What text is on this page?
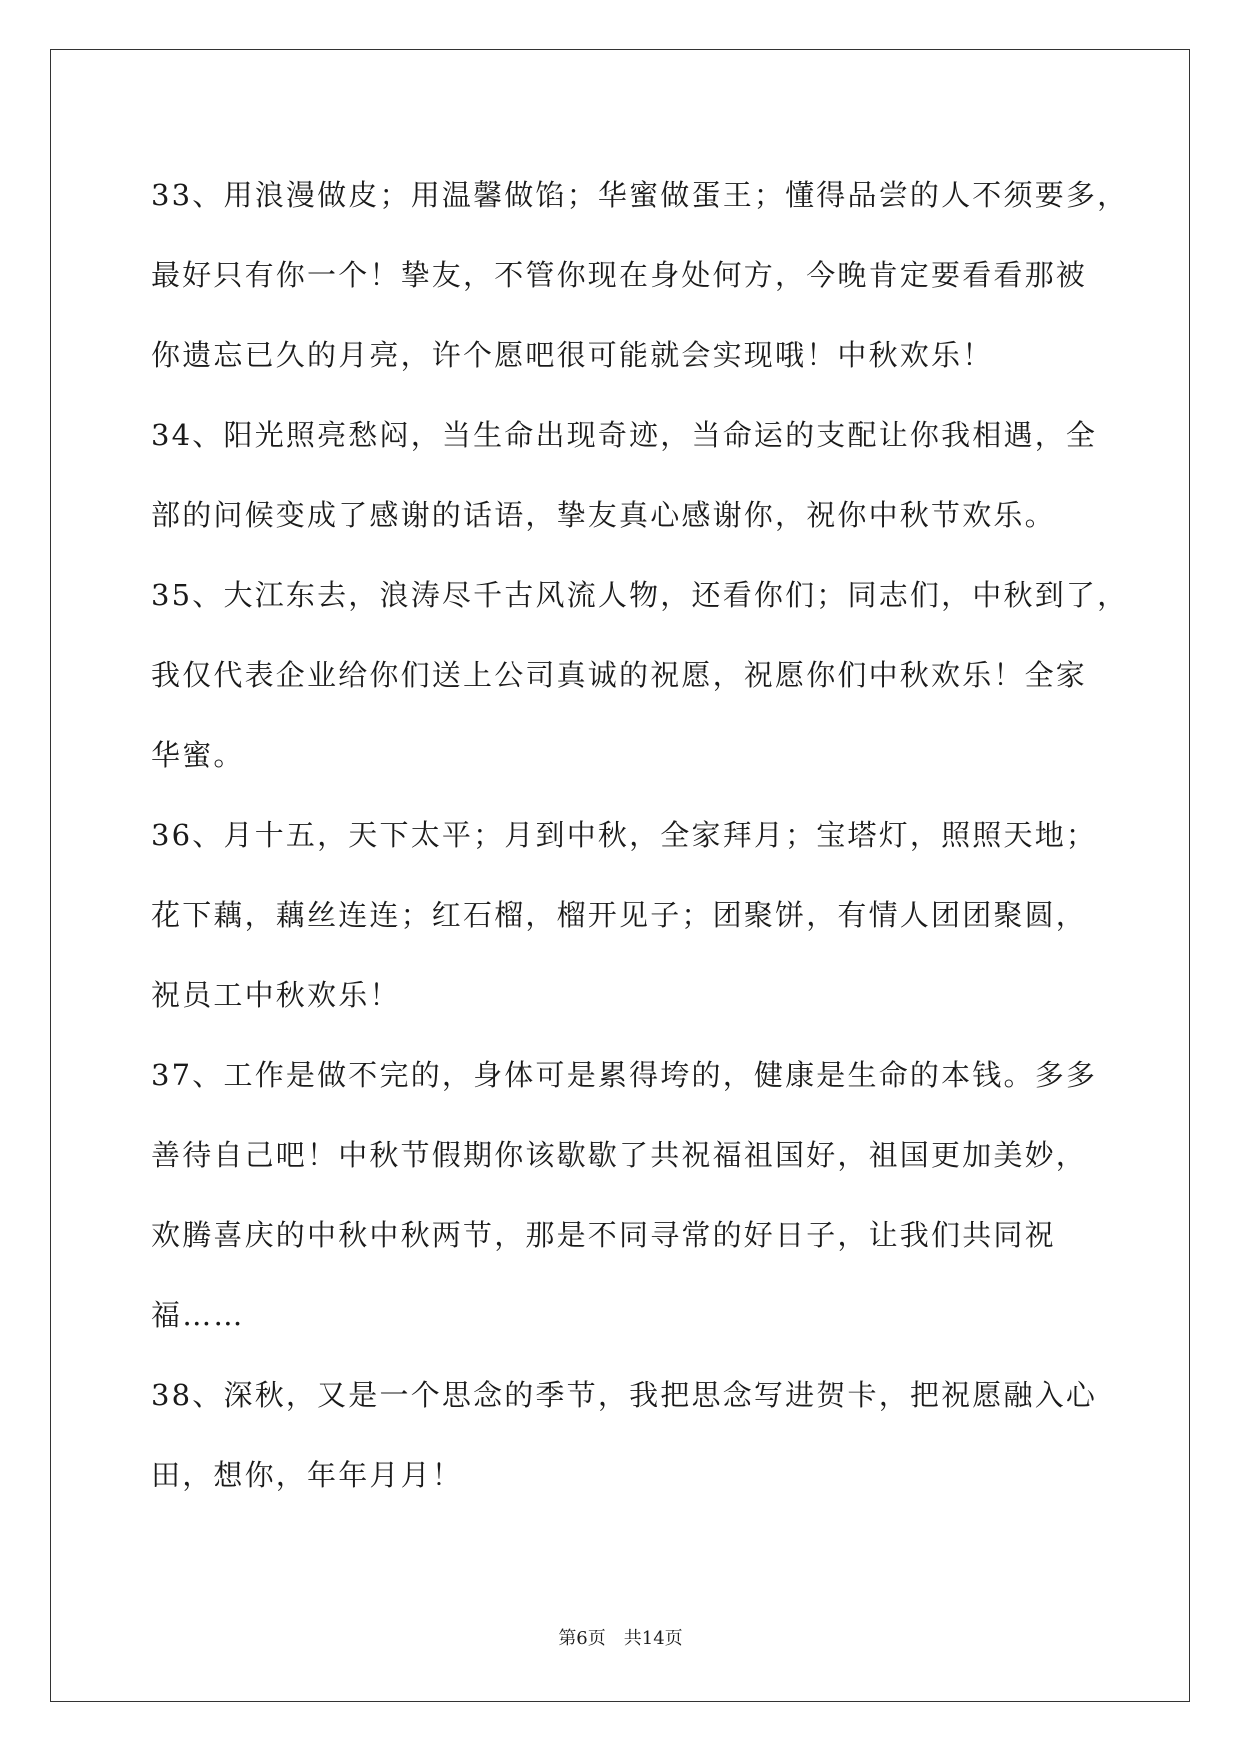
33、用浪漫做皮；用温馨做馅；华蜜做蛋王；懂得品尝的人不须要多，
最好只有你一个！挚友，不管你现在身处何方，今晚肯定要看看那被
你遗忘已久的月亮，许个愿吧很可能就会实现哦！中秋欢乐！
34、阳光照亮愁闷，当生命出现奇迹，当命运的支配让你我相遇，全
部的问候变成了感谢的话语，挚友真心感谢你，祝你中秋节欢乐。
35、大江东去，浪涛尽千古风流人物，还看你们；同志们，中秋到了，
我仅代表企业给你们送上公司真诚的祝愿，祝愿你们中秋欢乐！全家
华蜜。
36、月十五，天下太平；月到中秋，全家拜月；宝塔灯，照照天地；
花下藕，藕丝连连；红石榴，榴开见子；团聚饼，有情人团团聚圆，
祝员工中秋欢乐！
37、工作是做不完的，身体可是累得垮的，健康是生命的本钱。多多
善待自己吧！中秋节假期你该歇歇了共祝福祖国好，祖国更加美妙，
欢腾喜庆的中秋中秋两节，那是不同寻常的好日子，让我们共同祝
福……
38、深秋，又是一个思念的季节，我把思念写进贺卡，把祝愿融入心
田，想你，年年月月！
第6页 共14页
